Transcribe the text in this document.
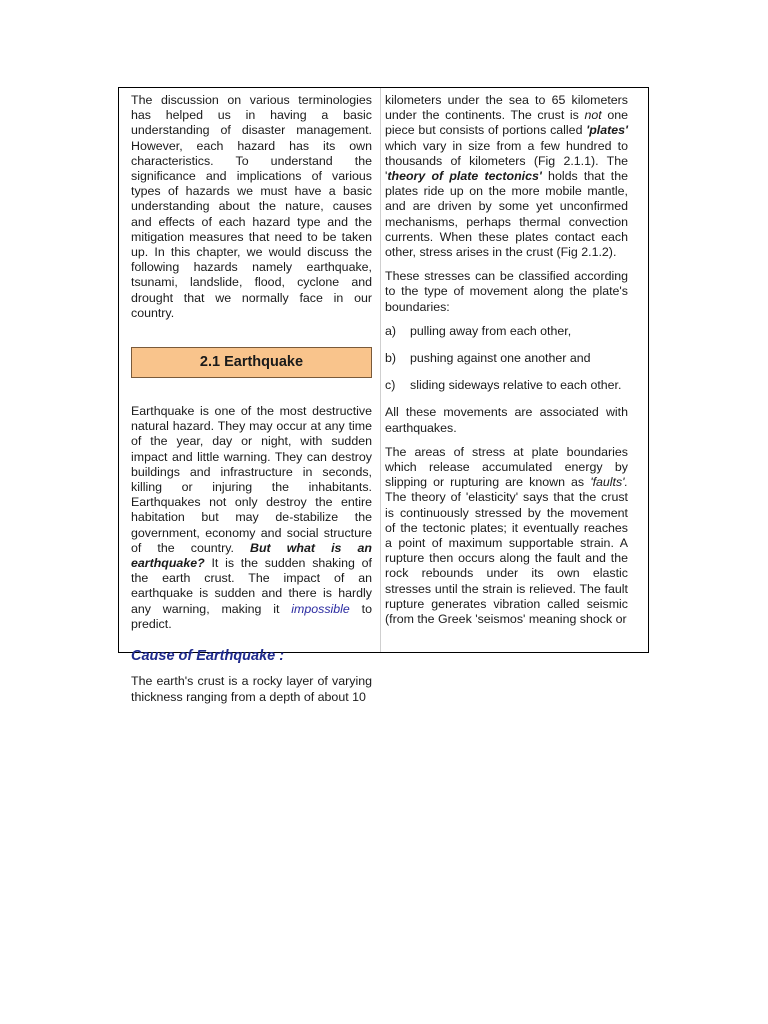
The discussion on various terminologies has helped us in having a basic understanding of disaster management. However, each hazard has its own characteristics. To understand the significance and implications of various types of hazards we must have a basic understanding about the nature, causes and effects of each hazard type and the mitigation measures that need to be taken up. In this chapter, we would discuss the following hazards namely earthquake, tsunami, landslide, flood, cyclone and drought that we normally face in our country.

2.1 Earthquake

Earthquake is one of the most destructive natural hazard. They may occur at any time of the year, day or night, with sudden impact and little warning. They can destroy buildings and infrastructure in seconds, killing or injuring the inhabitants. Earthquakes not only destroy the entire habitation but may de-stabilize the government, economy and social structure of the country. But what is an earthquake? It is the sudden shaking of the earth crust. The impact of an earthquake is sudden and there is hardly any warning, making it impossible to predict.

Cause of Earthquake :

The earth's crust is a rocky layer of varying thickness ranging from a depth of about 10

kilometers under the sea to 65 kilometers under the continents. The crust is not one piece but consists of portions called 'plates' which vary in size from a few hundred to thousands of kilometers (Fig 2.1.1). The 'theory of plate tectonics' holds that the plates ride up on the more mobile mantle, and are driven by some yet unconfirmed mechanisms, perhaps thermal convection currents. When these plates contact each other, stress arises in the crust (Fig 2.1.2).

These stresses can be classified according to the type of movement along the plate's boundaries:

a)	pulling away from each other,
b)	pushing against one another and
c)	sliding sideways relative to each other.

All these movements are associated with earthquakes.

The areas of stress at plate boundaries which release accumulated energy by slipping or rupturing are known as 'faults'. The theory of 'elasticity' says that the crust is continuously stressed by the movement of the tectonic plates; it eventually reaches a point of maximum supportable strain. A rupture then occurs along the fault and the rock rebounds under its own elastic stresses until the strain is relieved. The fault rupture generates vibration called seismic (from the Greek 'seismos' meaning shock or
